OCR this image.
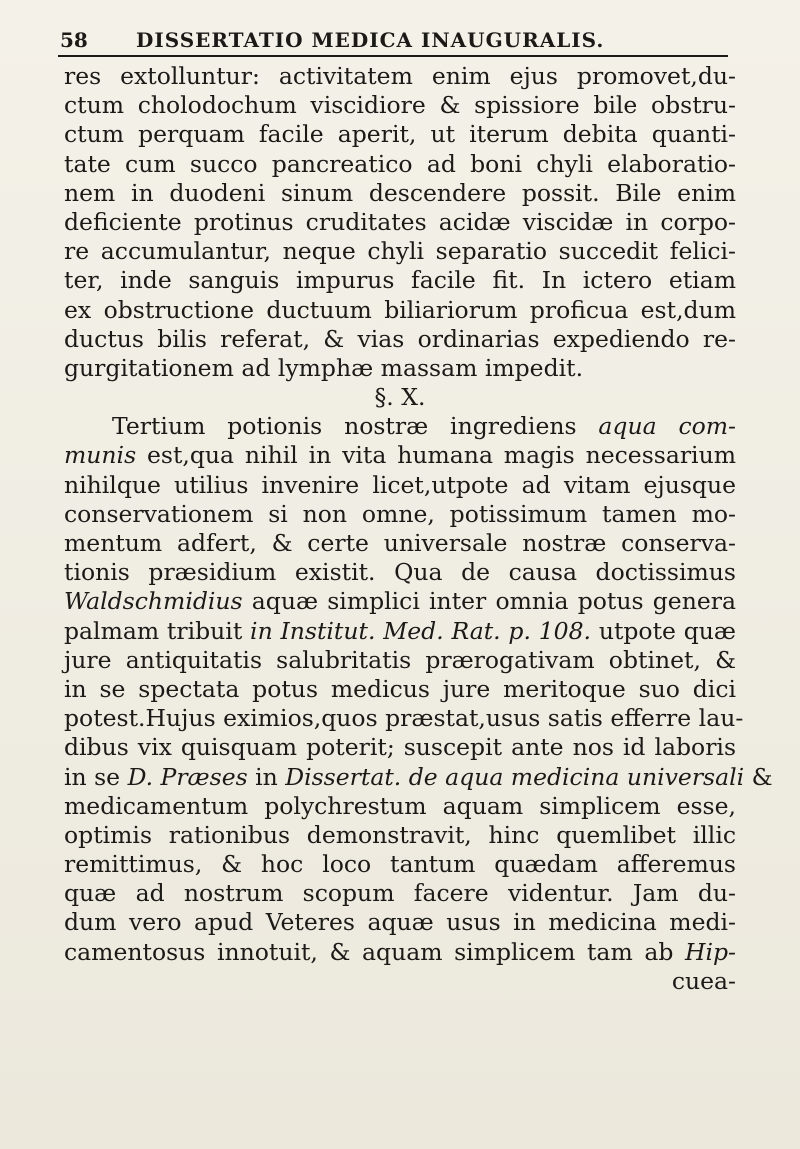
58 DISSERTATIO MEDICA INAUGURALIS.
res extolluntur: activitatem enim ejus promovet,du-
ctum cholodochum viscidiore & spissiore bile obstru-
ctum perquam facile aperit, ut iterum debita quanti-
tate cum succo pancreatico ad boni chyli elaboratio-
nem in duodeni sinum descendere possit. Bile enim
deficiente protinus cruditates acidæ viscidæ in corpo-
re accumulantur, neque chyli separatio succedit felici-
ter, inde sanguis impurus facile fit. In ictero etiam
ex obstructione ductuum biliariorum proficua est,dum
ductus bilis referat, & vias ordinarias expediendo re-
gurgitationem ad lymphæ massam impedit.
§. X.
Tertium potionis nostræ ingrediens aqua com-
munis est,qua nihil in vita humana magis necessarium
nihilque utilius invenire licet,utpote ad vitam ejusque
conservationem si non omne, potissimum tamen mo-
mentum adfert, & certe universale nostræ conserva-
tionis præsidium existit. Qua de causa doctissimus
Waldschmidius aquæ simplici inter omnia potus genera
palmam tribuit in Institut. Med. Rat. p. 108. utpote quæ
jure antiquitatis salubritatis prærogativam obtinet, &
in se spectata potus medicus jure meritoque suo dici
potest.Hujus eximios,quos præstat,usus satis efferre lau-
dibus vix quisquam poterit; suscepit ante nos id laboris
in se D. Præses in Dissertat. de aqua medicina universali &
medicamentum polychrestum aquam simplicem esse,
optimis rationibus demonstravit, hinc quemlibet illic
remittimus, & hoc loco tantum quædam afferemus
quæ ad nostrum scopum facere videntur. Jam du-
dum vero apud Veteres aquæ usus in medicina medi-
camentosus innotuit, & aquam simplicem tam ab Hip-
cuea-
